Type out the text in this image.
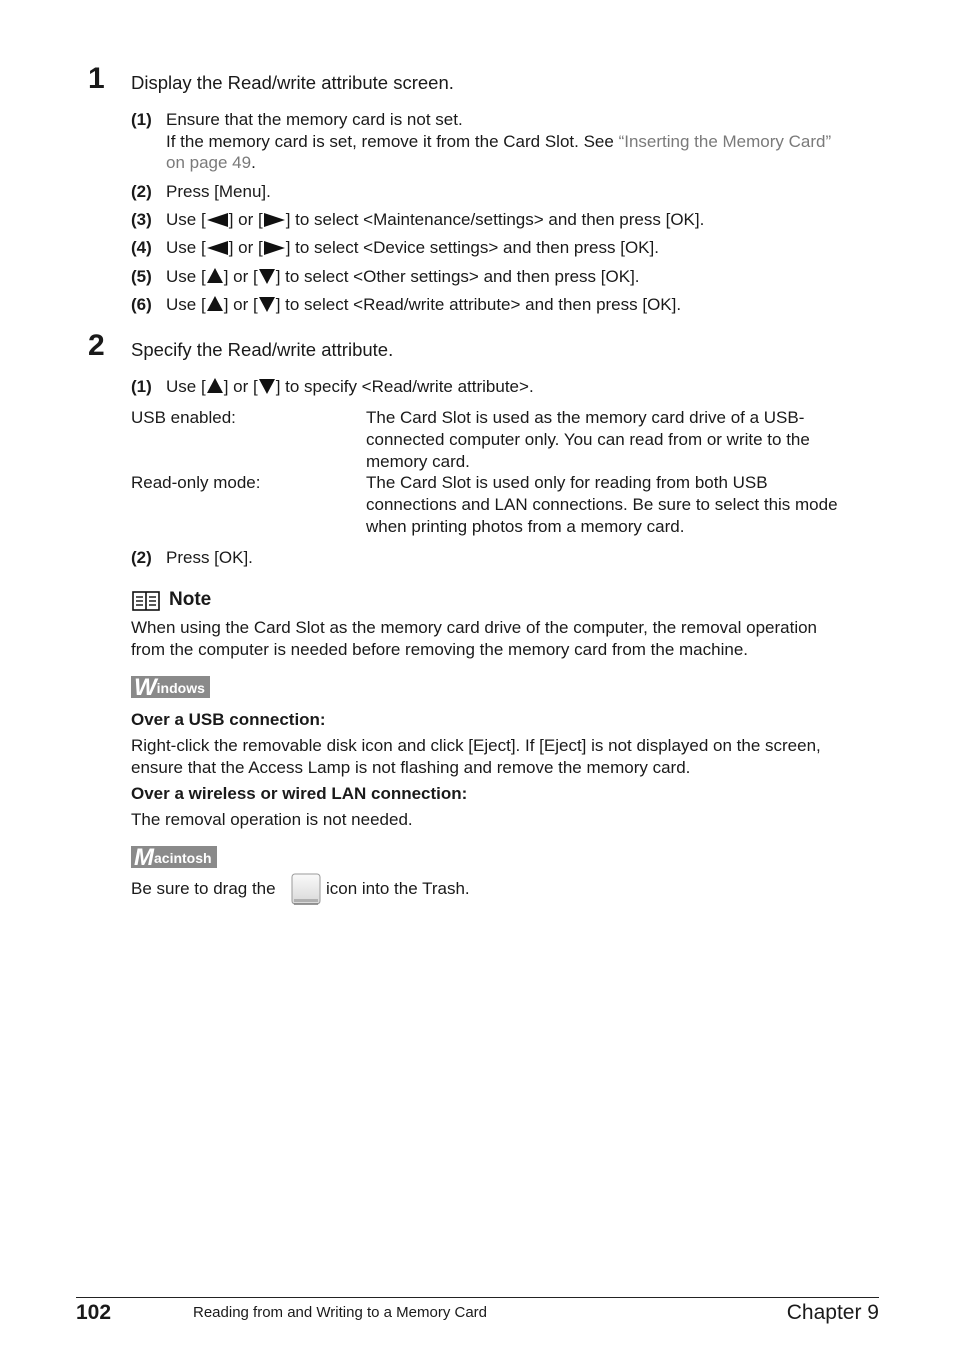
1 Display the Read/write attribute screen.
(1) Ensure that the memory card is not set.
If the memory card is set, remove it from the Card Slot. See “Inserting the Memory Card”
on page 49.
(2) Press [Menu].
(3) Use [ ] or [ ] to select <Maintenance/settings> and then press [OK].
(4) Use [ ] or [ ] to select <Device settings> and then press [OK].
(5) Use [ ] or [ ] to select <Other settings> and then press [OK].
(6) Use [ ] or [ ] to select <Read/write attribute> and then press [OK].
2 Specify the Read/write attribute.
(1) Use [ ] or [ ] to specify <Read/write attribute>.
USB enabled:	The Card Slot is used as the memory card drive of a USB-
connected computer only. You can read from or write to the
memory card.
Read-only mode:	The Card Slot is used only for reading from both USB
connections and LAN connections. Be sure to select this mode
when printing photos from a memory card.
(2) Press [OK].
Note
When using the Card Slot as the memory card drive of the computer, the removal operation
from the computer is needed before removing the memory card from the machine.
Windows
Over a USB connection:
Right-click the removable disk icon and click [Eject]. If [Eject] is not displayed on the screen,
ensure that the Access Lamp is not flashing and remove the memory card.
Over a wireless or wired LAN connection:
The removal operation is not needed.
Macintosh
Be sure to drag the	icon into the Trash.
102	Reading from and Writing to a Memory Card	Chapter 9
